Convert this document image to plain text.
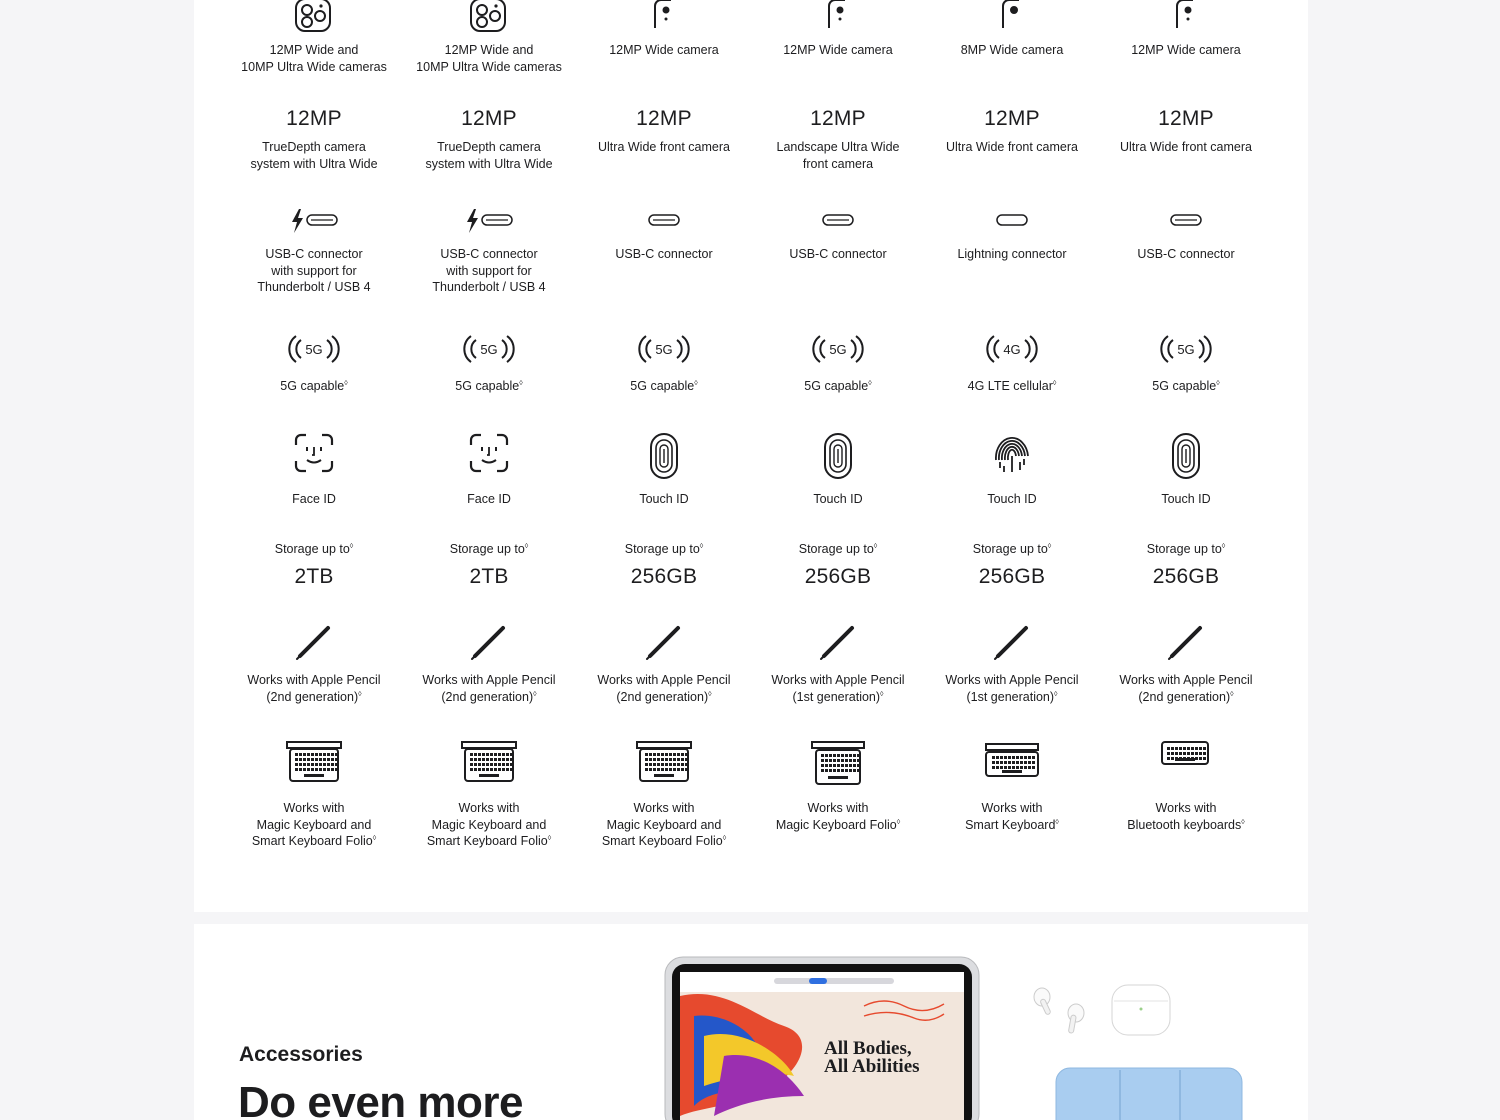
12MP Wide and
10MP Ultra Wide cameras
12MP
TrueDepth camera
system with Ultra Wide
USB-C connector
with support for
Thunderbolt / USB 4
5G
5G capable◊
Face ID
Storage up to◊
2TB
Works with Apple Pencil
(2nd generation)◊
Works with
Magic Keyboard and
Smart Keyboard Folio◊
12MP Wide and
10MP Ultra Wide cameras
12MP
TrueDepth camera
system with Ultra Wide
USB-C connector
with support for
Thunderbolt / USB 4
5G
5G capable◊
Face ID
Storage up to◊
2TB
Works with Apple Pencil
(2nd generation)◊
Works with
Magic Keyboard and
Smart Keyboard Folio◊
12MP Wide camera
12MP
Ultra Wide front camera
USB-C connector
5G
5G capable◊
Touch ID
Storage up to◊
256GB
Works with Apple Pencil
(2nd generation)◊
Works with
Magic Keyboard and
Smart Keyboard Folio◊
12MP Wide camera
12MP
Landscape Ultra Wide
front camera
USB-C connector
5G
5G capable◊
Touch ID
Storage up to◊
256GB
Works with Apple Pencil
(1st generation)◊
Works with
Magic Keyboard Folio◊
8MP Wide camera
12MP
Ultra Wide front camera
Lightning connector
4G
4G LTE cellular◊
Touch ID
Storage up to◊
256GB
Works with Apple Pencil
(1st generation)◊
Works with
Smart Keyboard◊
12MP Wide camera
12MP
Ultra Wide front camera
USB-C connector
5G
5G capable◊
Touch ID
Storage up to◊
256GB
Works with Apple Pencil
(2nd generation)◊
Works with
Bluetooth keyboards◊
Accessories
Do even more
All Bodies,
All Abilities
